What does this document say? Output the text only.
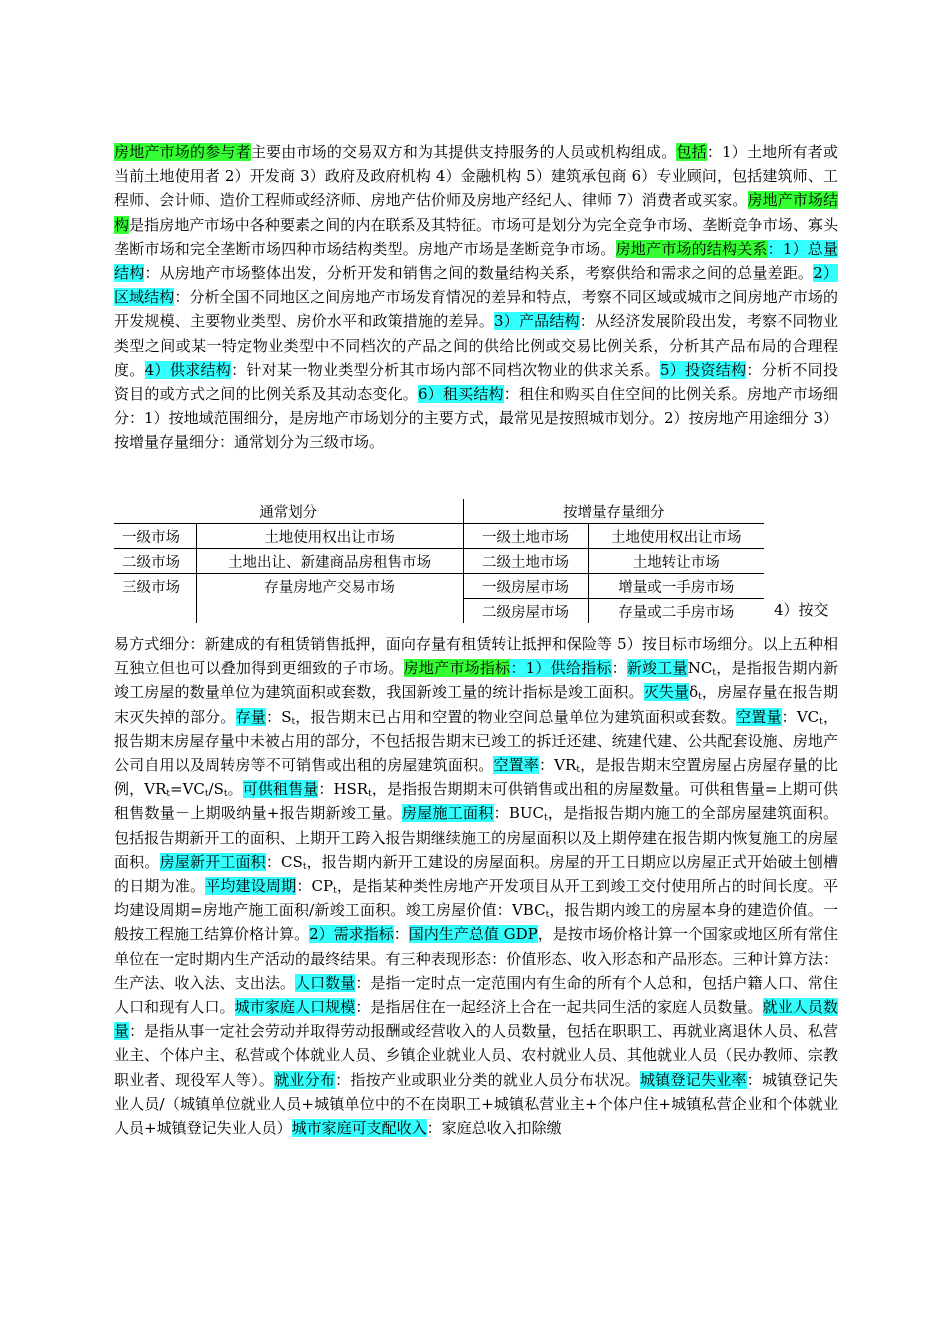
房地产市场的参与者主要由市场的交易双方和为其提供支持服务的人员或机构组成。包括：1）土地所有者或当前土地使用者 2）开发商 3）政府及政府机构 4）金融机构 5）建筑承包商 6）专业顾问，包括建筑师、工程师、会计师、造价工程师或经济师、房地产估价师及房地产经纪人、律师 7）消费者或买家。房地产市场结构是指房地产市场中各种要素之间的内在联系及其特征。市场可是划分为完全竞争市场、垄断竞争市场、寡头垄断市场和完全垄断市场四种市场结构类型。房地产市场是垄断竞争市场。房地产市场的结构关系：1）总量结构：从房地产市场整体出发，分析开发和销售之间的数量结构关系，考察供给和需求之间的总量差距。2）区域结构：分析全国不同地区之间房地产市场发育情况的差异和特点，考察不同区域或城市之间房地产市场的开发规模、主要物业类型、房价水平和政策措施的差异。3）产品结构：从经济发展阶段出发，考察不同物业类型之间或某一特定物业类型中不同档次的产品之间的供给比例或交易比例关系，分析其产品布局的合理程度。4）供求结构：针对某一物业类型分析其市场内部不同档次物业的供求关系。5）投资结构：分析不同投资目的或方式之间的比例关系及其动态变化。6）租买结构：租住和购买自住空间的比例关系。房地产市场细分：1）按地域范围细分，是房地产市场划分的主要方式，最常见是按照城市划分。2）按房地产用途细分 3）按增量存量细分：通常划分为三级市场。
通常划分		按增量存量细分	
一级市场	土地使用权出让市场	一级土地市场	土地使用权出让市场
二级市场	土地出让、新建商品房租售市场	二级土地市场	土地转让市场
三级市场	存量房地产交易市场	一级房屋市场	增量或一手房市场
		二级房屋市场	存量或二手房市场	4）按交
易方式细分：新建成的有租赁销售抵押，面向存量有租赁转让抵押和保险等 5）按目标市场细分。以上五种相互独立但也可以叠加得到更细致的子市场。房地产市场指标：1）供给指标：新竣工量$NC_t$，是指报告期内新竣工房屋的数量单位为建筑面积或套数，我国新竣工量的统计指标是竣工面积。灭失量$\delta_t$，房屋存量在报告期末灭失掉的部分。存量：$S_t$，报告期末已占用和空置的物业空间总量单位为建筑面积或套数。空置量：$VC_t$，报告期末房屋存量中未被占用的部分，不包括报告期末已竣工的拆迁还建、统建代建、公共配套设施、房地产公司自用以及周转房等不可销售或出租的房屋建筑面积。空置率：$VR_t$，是报告期末空置房屋占房屋存量的比例，$VR_t=VC_t/S_t$。可供租售量：$HSR_t$，是指报告期期末可供销售或出租的房屋数量。可供租售量=上期可供租售数量－上期吸纳量+报告期新竣工量。房屋施工面积：$BUC_t$，是指报告期内施工的全部房屋建筑面积。包括报告期新开工的面积、上期开工跨入报告期继续施工的房屋面积以及上期停建在报告期内恢复施工的房屋面积。房屋新开工面积：$CS_t$，报告期内新开工建设的房屋面积。房屋的开工日期应以房屋正式开始破土刨槽的日期为准。平均建设周期：$CP_t$，是指某种类性房地产开发项目从开工到竣工交付使用所占的时间长度。平均建设周期=房地产施工面积/新竣工面积。竣工房屋价值：$VBC_t$，报告期内竣工的房屋本身的建造价值。一般按工程施工结算价格计算。2）需求指标：国内生产总值 GDP，是按市场价格计算一个国家或地区所有常住单位在一定时期内生产活动的最终结果。有三种表现形态：价值形态、收入形态和产品形态。三种计算方法：生产法、收入法、支出法。人口数量：是指一定时点一定范围内有生命的所有个人总和，包括户籍人口、常住人口和现有人口。城市家庭人口规模：是指居住在一起经济上合在一起共同生活的家庭人员数量。就业人员数量：是指从事一定社会劳动并取得劳动报酬或经营收入的人员数量，包括在职职工、再就业离退休人员、私营业主、个体户主、私营或个体就业人员、乡镇企业就业人员、农村就业人员、其他就业人员（民办教师、宗教职业者、现役军人等）。就业分布：指按产业或职业分类的就业人员分布状况。城镇登记失业率：城镇登记失业人员/（城镇单位就业人员+城镇单位中的不在岗职工+城镇私营业主+个体户住+城镇私营企业和个体就业人员+城镇登记失业人员）城市家庭可支配收入：家庭总收入扣除缴
